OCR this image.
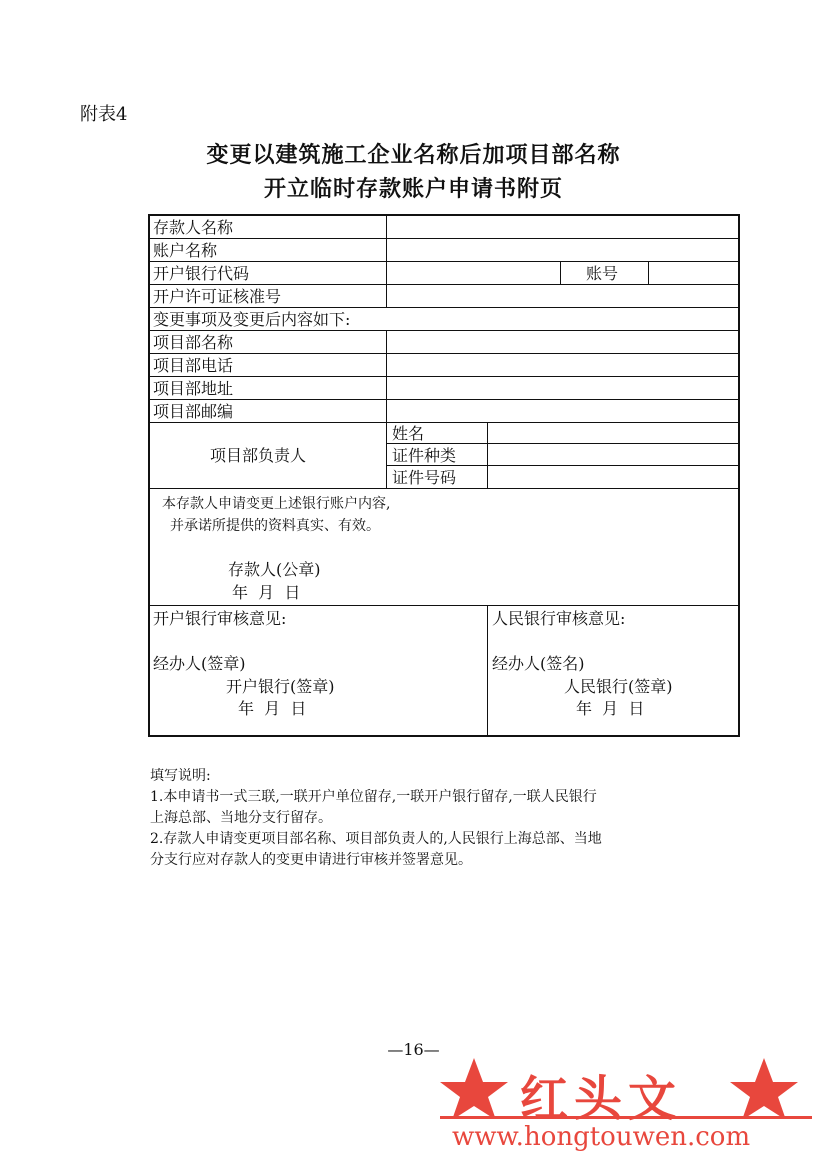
附表4
变更以建筑施工企业名称后加项目部名称
开立临时存款账户申请书附页
存款人名称
账户名称
开户银行代码	账号
开户许可证核准号
变更事项及变更后内容如下:
项目部名称
项目部电话
项目部地址
项目部邮编
项目部负责人
姓名
证件种类
证件号码
本存款人申请变更上述银行账户内容,
并承诺所提供的资料真实、有效。
存款人(公章)
年  月  日
开户银行审核意见:
经办人(签章)
开户银行(签章)
年  月  日
人民银行审核意见:
经办人(签名)
人民银行(签章)
年  月  日
填写说明:
1.本申请书一式三联,一联开户单位留存,一联开户银行留存,一联人民银行
上海总部、当地分支行留存。
2.存款人申请变更项目部名称、项目部负责人的,人民银行上海总部、当地
分支行应对存款人的变更申请进行审核并签署意见。
—16—
红头文
www.hongtouwen.com
